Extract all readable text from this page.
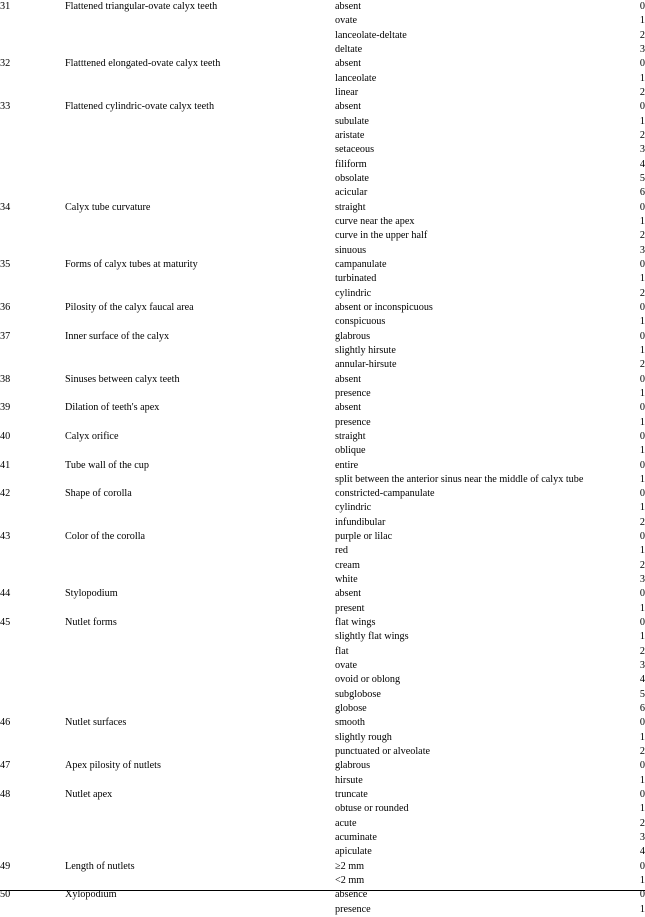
31	Flattened triangular-ovate calyx teeth	absent	0
		ovate	1
		lanceolate-deltate	2
		deltate	3
32	Flatttened elongated-ovate calyx teeth	absent	0
		lanceolate	1
		linear	2
33	Flattened cylindric-ovate calyx teeth	absent	0
		subulate	1
		aristate	2
		setaceous	3
		filiform	4
		obsolate	5
		acicular	6
34	Calyx tube curvature	straight	0
		curve near the apex	1
		curve in the upper half	2
		sinuous	3
35	Forms of calyx tubes at maturity	campanulate	0
		turbinated	1
		cylindric	2
36	Pilosity of the calyx faucal area	absent or inconspicuous	0
		conspicuous	1
37	Inner surface of the calyx	glabrous	0
		slightly hirsute	1
		annular-hirsute	2
38	Sinuses between calyx teeth	absent	0
		presence	1
39	Dilation of teeth's apex	absent	0
		presence	1
40	Calyx orifice	straight	0
		oblique	1
41	Tube wall of the cup	entire	0
		split between the anterior sinus near the middle of calyx tube	1
42	Shape of corolla	constricted-campanulate	0
		cylindric	1
		infundibular	2
43	Color of the corolla	purple or lilac	0
		red	1
		cream	2
		white	3
44	Stylopodium	absent	0
		present	1
45	Nutlet forms	flat wings	0
		slightly flat wings	1
		flat	2
		ovate	3
		ovoid or oblong	4
		subglobose	5
		globose	6
46	Nutlet surfaces	smooth	0
		slightly rough	1
		punctuated or alveolate	2
47	Apex pilosity of nutlets	glabrous	0
		hirsute	1
48	Nutlet apex	truncate	0
		obtuse or rounded	1
		acute	2
		acuminate	3
		apiculate	4
49	Length of nutlets	≥2 mm	0
		<2 mm	1
50	Xylopodium	absence	0
		presence	1
